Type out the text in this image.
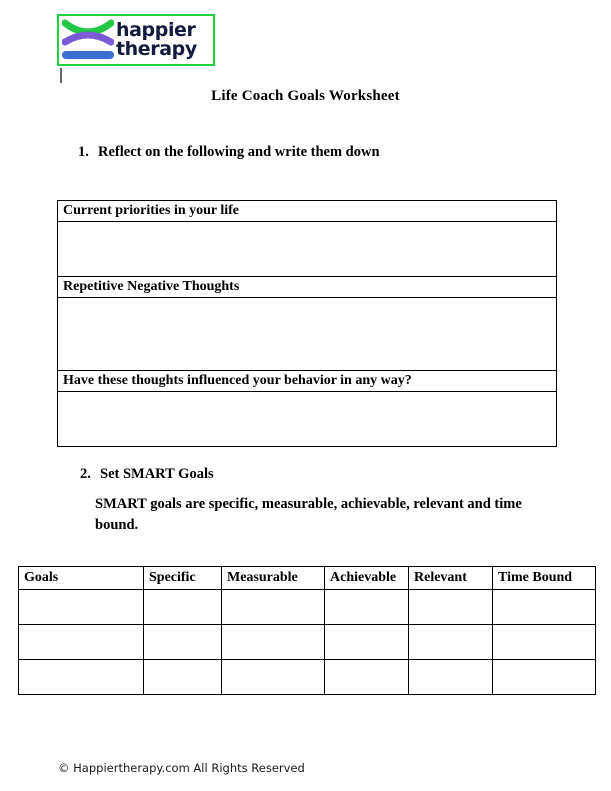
happier
therapy
Life Coach Goals Worksheet
1. Reflect on the following and write them down
Current priorities in your life

Repetitive Negative Thoughts

Have these thoughts influenced your behavior in any way?

2. Set SMART Goals
SMART goals are specific, measurable, achievable, relevant and time bound.
Goals	Specific	Measurable	Achievable	Relevant	Time Bound

© Happiertherapy.com All Rights Reserved
